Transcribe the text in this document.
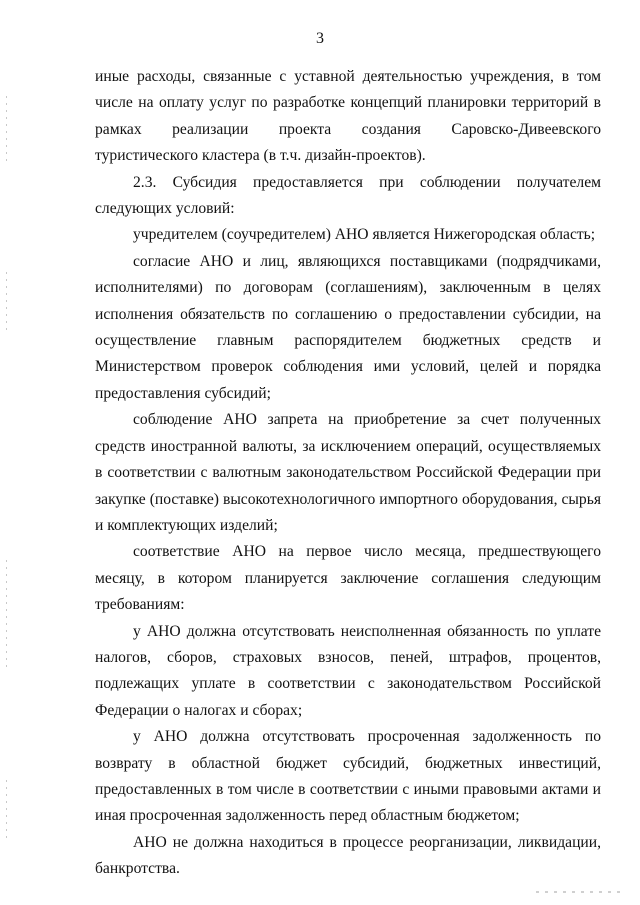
3

иные расходы, связанные с уставной деятельностью учреждения, в том числе на оплату услуг по разработке концепций планировки территорий в рамках реализации проекта создания Саровско-Дивеевского туристического кластера (в т.ч. дизайн-проектов).

2.3. Субсидия предоставляется при соблюдении получателем следующих условий:

учредителем (соучредителем) АНО является Нижегородская область;

согласие АНО и лиц, являющихся поставщиками (подрядчиками, исполнителями) по договорам (соглашениям), заключенным в целях исполнения обязательств по соглашению о предоставлении субсидии, на осуществление главным распорядителем бюджетных средств и Министерством проверок соблюдения ими условий, целей и порядка предоставления субсидий;

соблюдение АНО запрета на приобретение за счет полученных средств иностранной валюты, за исключением операций, осуществляемых в соответствии с валютным законодательством Российской Федерации при закупке (поставке) высокотехнологичного импортного оборудования, сырья и комплектующих изделий;

соответствие АНО на первое число месяца, предшествующего месяцу, в котором планируется заключение соглашения следующим требованиям:

у АНО должна отсутствовать неисполненная обязанность по уплате налогов, сборов, страховых взносов, пеней, штрафов, процентов, подлежащих уплате в соответствии с законодательством Российской Федерации о налогах и сборах;

у АНО должна отсутствовать просроченная задолженность по возврату в областной бюджет субсидий, бюджетных инвестиций, предоставленных в том числе в соответствии с иными правовыми актами и иная просроченная задолженность перед областным бюджетом;

АНО не должна находиться в процессе реорганизации, ликвидации, банкротства.
